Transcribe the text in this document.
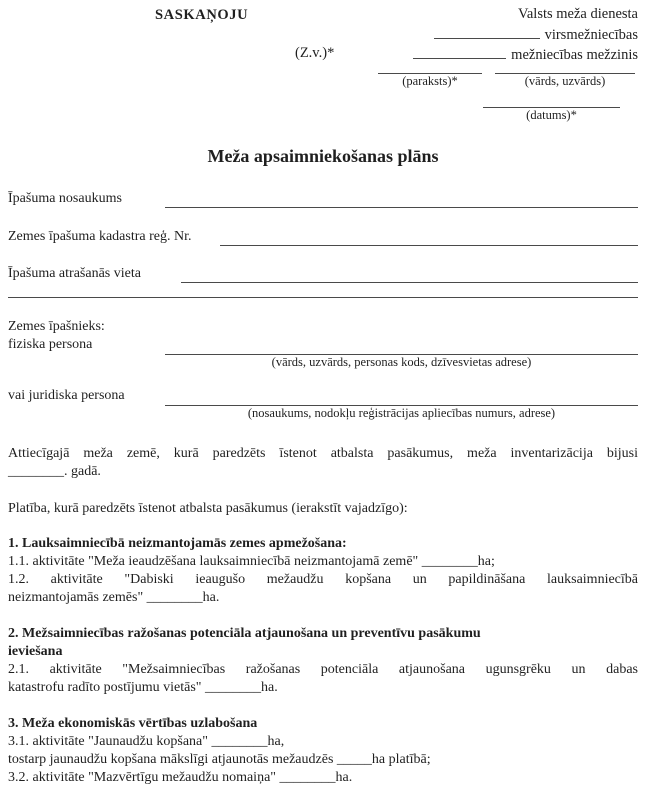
SASKAŅOJU	Valsts meža dienesta
virsmežniecības
mežniecības mežzinis
(Z.v.)*
(paraksts)*	(vārds, uzvārds)
(datums)*
Meža apsaimniekošanas plāns
Īpašuma nosaukums
Zemes īpašuma kadastra reģ. Nr.
Īpašuma atrašanās vieta
Zemes īpašnieks:
fiziska persona
(vārds, uzvārds, personas kods, dzīvesvietas adrese)
vai juridiska persona
(nosaukums, nodokļu reģistrācijas apliecības numurs, adrese)
Attiecīgajā meža zemē, kurā paredzēts īstenot atbalsta pasākumus, meža inventarizācija bijusi
________. gadā.
Platība, kurā paredzēts īstenot atbalsta pasākumus (ierakstīt vajadzīgo):
1. Lauksaimniecībā neizmantojamās zemes apmežošana:
1.1. aktivitāte "Meža ieaudzēšana lauksaimniecībā neizmantojamā zemē" ________ha;
1.2. aktivitāte "Dabiski ieaugušo mežaudžu kopšana un papildināšana lauksaimniecībā
neizmantojamās zemēs" ________ha.
2. Mežsaimniecības ražošanas potenciāla atjaunošana un preventīvu pasākumu
ieviešana
2.1. aktivitāte "Mežsaimniecības ražošanas potenciāla atjaunošana ugunsgrēku un dabas
katastrofu radīto postījumu vietās" ________ha.
3. Meža ekonomiskās vērtības uzlabošana
3.1. aktivitāte "Jaunaudžu kopšana" ________ha,
tostarp jaunaudžu kopšana mākslīgi atjaunotās mežaudzēs _____ha platībā;
3.2. aktivitāte "Mazvērtīgu mežaudžu nomaiņa" ________ha.
